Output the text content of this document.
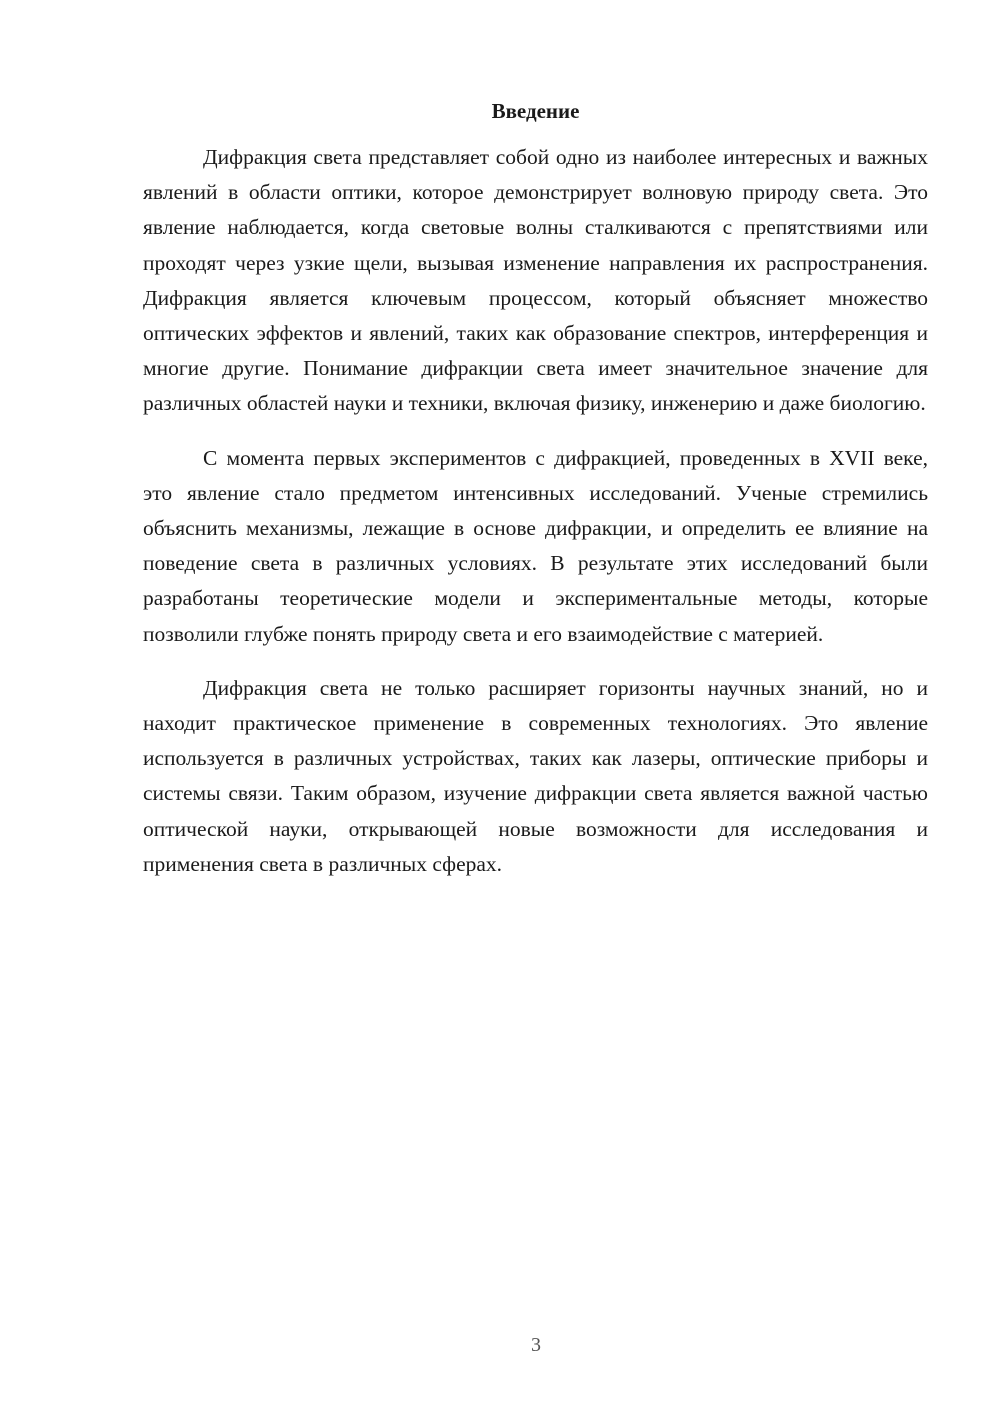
Введение

Дифракция света представляет собой одно из наиболее интересных и важных явлений в области оптики, которое демонстрирует волновую природу света. Это явление наблюдается, когда световые волны сталкиваются с препятствиями или проходят через узкие щели, вызывая изменение направления их распространения. Дифракция является ключевым процессом, который объясняет множество оптических эффектов и явлений, таких как образование спектров, интерференция и многие другие. Понимание дифракции света имеет значительное значение для различных областей науки и техники, включая физику, инженерию и даже биологию.

С момента первых экспериментов с дифракцией, проведенных в XVII веке, это явление стало предметом интенсивных исследований. Ученые стремились объяснить механизмы, лежащие в основе дифракции, и определить ее влияние на поведение света в различных условиях. В результате этих исследований были разработаны теоретические модели и экспериментальные методы, которые позволили глубже понять природу света и его взаимодействие с материей.

Дифракция света не только расширяет горизонты научных знаний, но и находит практическое применение в современных технологиях. Это явление используется в различных устройствах, таких как лазеры, оптические приборы и системы связи. Таким образом, изучение дифракции света является важной частью оптической науки, открывающей новые возможности для исследования и применения света в различных сферах.

3
